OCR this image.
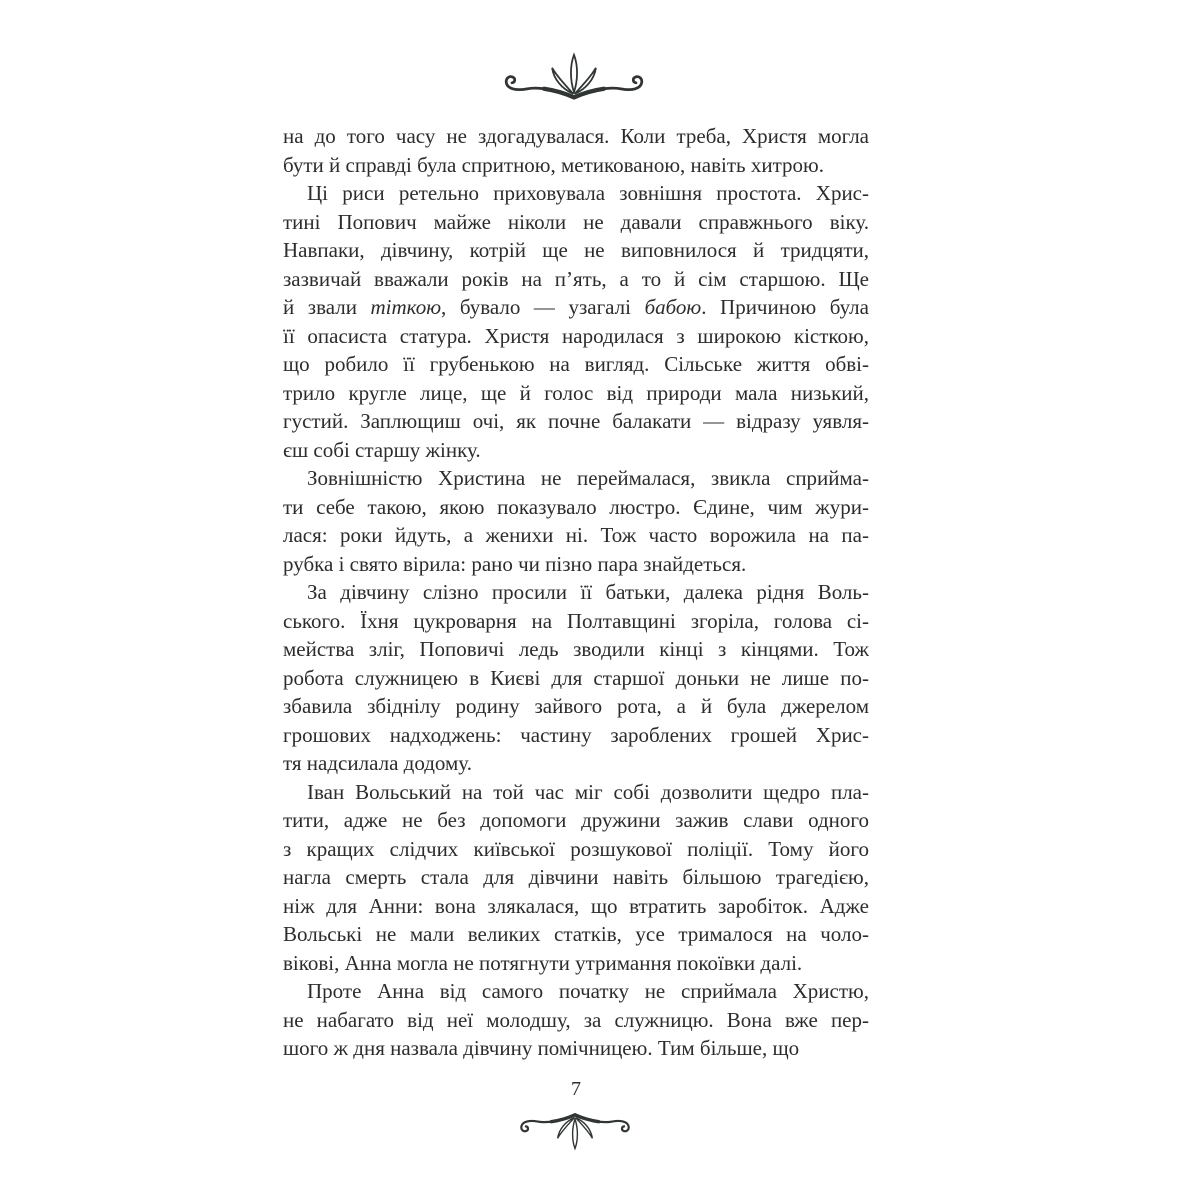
на до того часу не здогадувалася. Коли треба, Христя могла
бути й справді була спритною, метикованою, навіть хитрою.
Ці риси ретельно приховувала зовнішня простота. Хрис-
тині Попович майже ніколи не давали справжнього віку.
Навпаки, дівчину, котрій ще не виповнилося й тридцяти,
зазвичай вважали років на п’ять, а то й сім старшою. Ще
й звали тіткою, бувало — узагалі бабою. Причиною була
її опасиста статура. Христя народилася з широкою кісткою,
що робило її грубенькою на вигляд. Сільське життя обві-
трило кругле лице, ще й голос від природи мала низький,
густий. Заплющиш очі, як почне балакати — відразу уявля-
єш собі старшу жінку.
Зовнішністю Христина не переймалася, звикла сприйма-
ти себе такою, якою показувало люстро. Єдине, чим жури-
лася: роки йдуть, а женихи ні. Тож часто ворожила на па-
рубка і свято вірила: рано чи пізно пара знайдеться.
За дівчину слізно просили її батьки, далека рідня Воль-
ського. Їхня цукроварня на Полтавщині згоріла, голова сі-
мейства зліг, Поповичі ледь зводили кінці з кінцями. Тож
робота служницею в Києві для старшої доньки не лише по-
збавила збіднілу родину зайвого рота, а й була джерелом
грошових надходжень: частину зароблених грошей Хрис-
тя надсилала додому.
Іван Вольський на той час міг собі дозволити щедро пла-
тити, адже не без допомоги дружини зажив слави одного
з кращих слідчих київської розшукової поліції. Тому його
нагла смерть стала для дівчини навіть більшою трагедією,
ніж для Анни: вона злякалася, що втратить заробіток. Адже
Вольські не мали великих статків, усе трималося на чоло-
вікові, Анна могла не потягнути утримання покоївки далі.
Проте Анна від самого початку не сприймала Христю,
не набагато від неї молодшу, за служницю. Вона вже пер-
шого ж дня назвала дівчину помічницею. Тим більше, що
7
